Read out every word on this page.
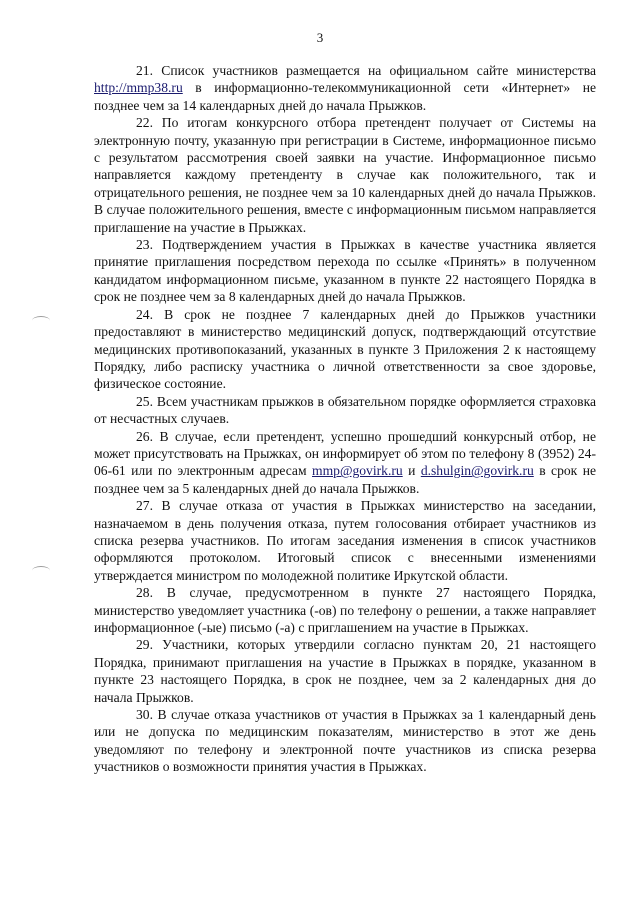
3

21. Список участников размещается на официальном сайте министерства http://mmp38.ru в информационно-телекоммуникационной сети «Интернет» не позднее чем за 14 календарных дней до начала Прыжков.

22. По итогам конкурсного отбора претендент получает от Системы на электронную почту, указанную при регистрации в Системе, информационное письмо с результатом рассмотрения своей заявки на участие. Информационное письмо направляется каждому претенденту в случае как положительного, так и отрицательного решения, не позднее чем за 10 календарных дней до начала Прыжков. В случае положительного решения, вместе с информационным письмом направляется приглашение на участие в Прыжках.

23. Подтверждением участия в Прыжках в качестве участника является принятие приглашения посредством перехода по ссылке «Принять» в полученном кандидатом информационном письме, указанном в пункте 22 настоящего Порядка в срок не позднее чем за 8 календарных дней до начала Прыжков.

24. В срок не позднее 7 календарных дней до Прыжков участники предоставляют в министерство медицинский допуск, подтверждающий отсутствие медицинских противопоказаний, указанных в пункте 3 Приложения 2 к настоящему Порядку, либо расписку участника о личной ответственности за свое здоровье, физическое состояние.

25. Всем участникам прыжков в обязательном порядке оформляется страховка от несчастных случаев.

26. В случае, если претендент, успешно прошедший конкурсный отбор, не может присутствовать на Прыжках, он информирует об этом по телефону 8 (3952) 24-06-61 или по электронным адресам mmp@govirk.ru и d.shulgin@govirk.ru в срок не позднее чем за 5 календарных дней до начала Прыжков.

27. В случае отказа от участия в Прыжках министерство на заседании, назначаемом в день получения отказа, путем голосования отбирает участников из списка резерва участников. По итогам заседания изменения в список участников оформляются протоколом. Итоговый список с внесенными изменениями утверждается министром по молодежной политике Иркутской области.

28. В случае, предусмотренном в пункте 27 настоящего Порядка, министерство уведомляет участника (-ов) по телефону о решении, а также направляет информационное (-ые) письмо (-а) с приглашением на участие в Прыжках.

29. Участники, которых утвердили согласно пунктам 20, 21 настоящего Порядка, принимают приглашения на участие в Прыжках в порядке, указанном в пункте 23 настоящего Порядка, в срок не позднее, чем за 2 календарных дня до начала Прыжков.

30. В случае отказа участников от участия в Прыжках за 1 календарный день или не допуска по медицинским показателям, министерство в этот же день уведомляют по телефону и электронной почте участников из списка резерва участников о возможности принятия участия в Прыжках.
